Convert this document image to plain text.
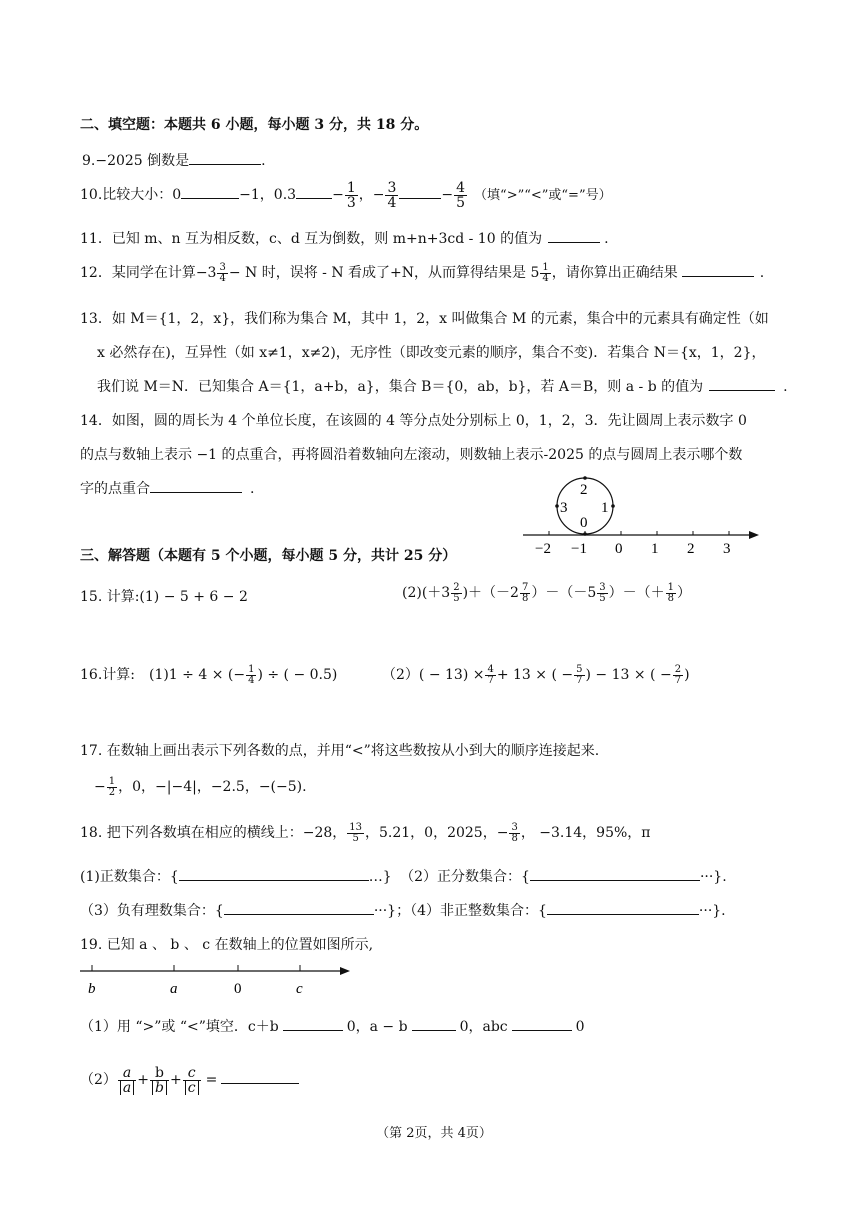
二、填空题：本题共 6 小题，每小题 3 分，共 18 分。
9.−2025 倒数是	.
10.比较大小：0	−1，0.3	− $\frac{1}{3}$ ，− $\frac{3}{4}$	− $\frac{4}{5}$ （填“>”“<”或“=”号）
11．已知 m、n 互为相反数，c、d 互为倒数，则 m+n+3cd - 10 的值为	.
12．某同学在计算$-3 \frac{3}{4} - N$ 时，误将 - N 看成了+N，从而算得结果是 $5 \frac{1}{4}$ ，请你算出正确结果	.
13．如 M＝{1，2，x}，我们称为集合 M，其中 1，2，x 叫做集合 M 的元素，集合中的元素具有确定性（如
x 必然存在)，互异性（如 x≠1，x≠2)，无序性（即改变元素的顺序，集合不变)．若集合 N＝{x，1，2}，
我们说 M＝N．已知集合 A＝{1，a+b，a}，集合 B＝{0，ab，b}，若 A＝B，则 a - b 的值为	.
14．如图，圆的周长为 4 个单位长度，在该圆的 4 等分点处分别标上 0，1，2，3．先让圆周上表示数字 0
的点与数轴上表示 −1 的点重合，再将圆沿着数轴向左滚动，则数轴上表示-2025 的点与圆周上表示哪个数
字的点重合	.	2
3 1
0
−2 −1 0 1 2 3
三、解答题（本题有 5 个小题，每小题 5 分，共计 25 分）
15. 计算:(1) − 5 + 6 − 2	$(2)(+3 \frac{2}{5} )+(-2 \frac{7}{8} )-(-5 \frac{3}{5}$ ）－（＋ $\frac{1}{8}$ ）
16.计算:　(1)1 ÷ 4 × (− $\frac{1}{4}$ ) ÷ ( − 0.5)	$(2)( - 13) \times \frac{4}{7} + 13$ × ( − $\frac{5}{7}$ ) − 13 × ( − $\frac{2}{7}$ )
17. 在数轴上画出表示下列各数的点，并用“<”将这些数按从小到大的顺序连接起来.
− $\frac{1}{2}$ ，0，−|−4|，−2.5，−(−5).
18. 把下列各数填在相应的横线上：−28， $\frac{13}{5}$ ，5.21，0，2025，− $\frac{3}{8}$ ， −3.14，95%，π
(1)正数集合：{	…} （2）正分数集合：{	···}.
（3）负有理数集合：{	···}；（4）非正整数集合：{	···}.
19. 已知 a 、 b 、 c 在数轴上的位置如图所示,
b	a	0	c
（1）用 “>”或 “<”填空．c＋b	0，a − b	0，abc	0
$(2) \frac{a}{a} + \frac{b}{b} + \frac{c}{c}$ =
（第 2页，共 4页）
